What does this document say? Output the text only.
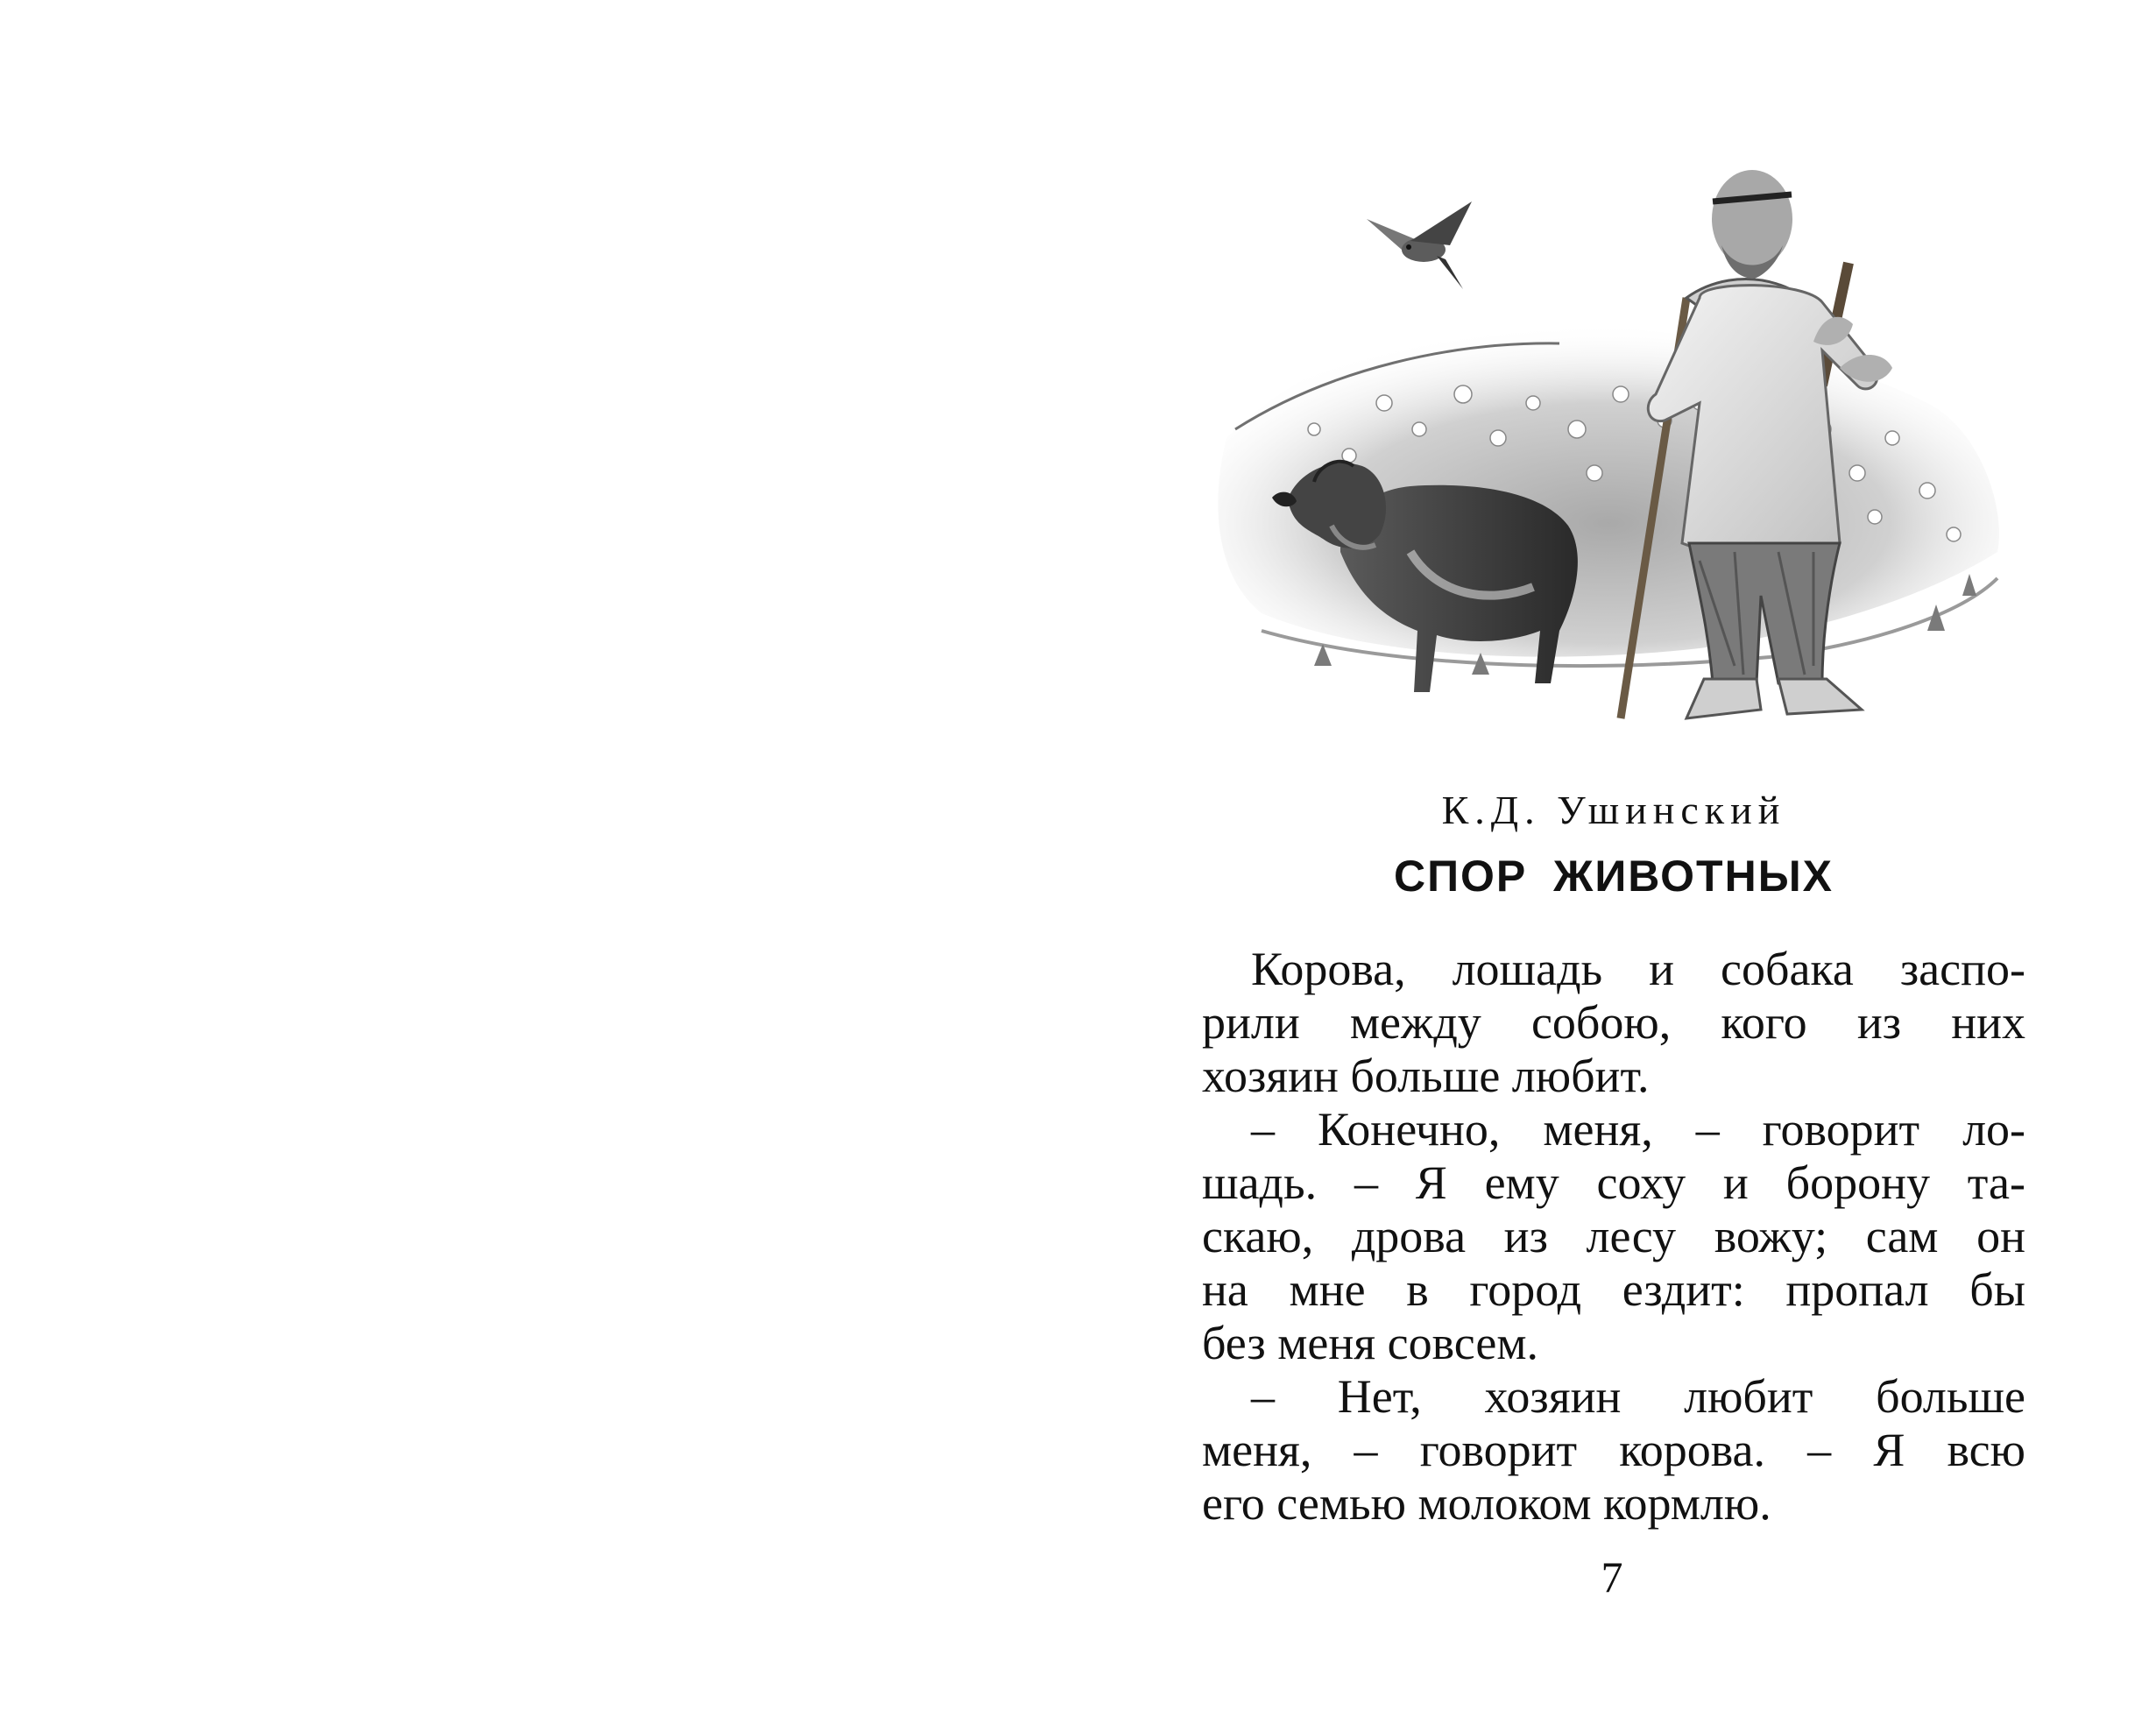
К.Д. Ушинский
СПОР ЖИВОТНЫХ
Корова, лошадь и собака заспо-
рили между собою, кого из них
хозяин больше любит.
– Конечно, меня, – говорит ло-
шадь. – Я ему соху и борону та-
скаю, дрова из лесу вожу; сам он
на мне в город ездит: пропал бы
без меня совсем.
– Нет, хозяин любит больше
меня, – говорит корова. – Я всю
его семью молоком кормлю.
7
